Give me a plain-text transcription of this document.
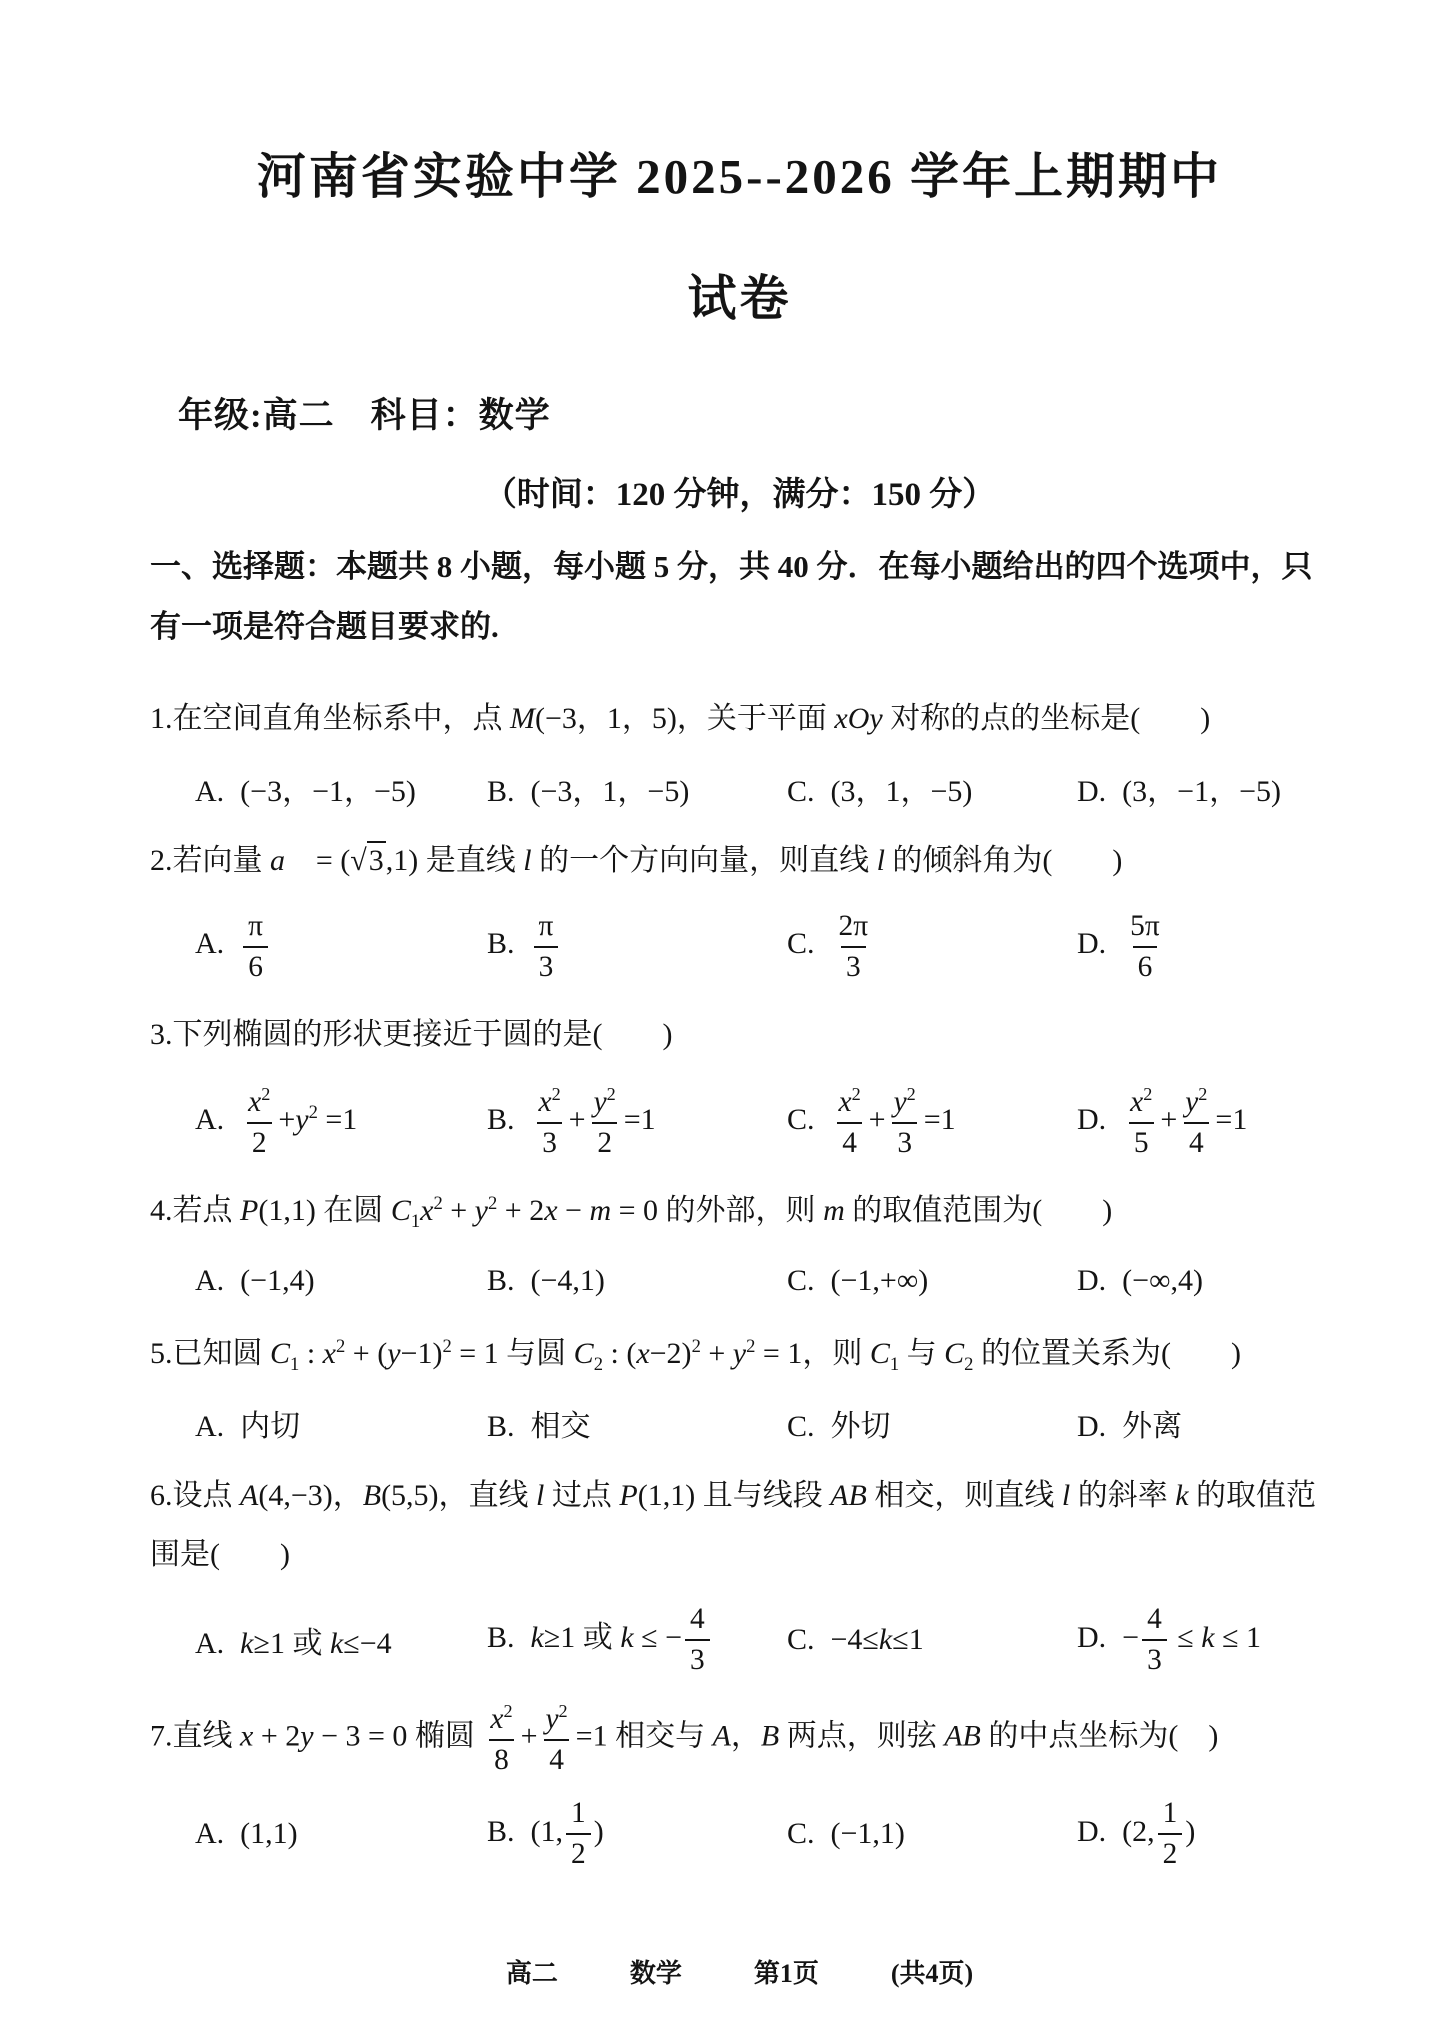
河南省实验中学 2025--2026 学年上期期中
试卷
年级:高二　科目：数学
（时间：120 分钟，满分：150 分）
一、选择题：本题共 8 小题，每小题 5 分，共 40 分．在每小题给出的四个选项中，只有一项是符合题目要求的.
1.在空间直角坐标系中，点 M(−3，1，5)，关于平面 xOy 对称的点的坐标是(　　)
A. (−3，−1，−5)	B. (−3，1，−5)	C. (3，1，−5)	D. (3，−1，−5)
2.若向量 a⃗ = (√3,1) 是直线 l 的一个方向向量，则直线 l 的倾斜角为(　　)
A. $\frac{\pi}{6}$	B. $\frac{\pi}{3}$	C. $\frac{2\pi}{3}$	D. $\frac{5\pi}{6}$
3.下列椭圆的形状更接近于圆的是(　　)
A. $\frac{x^2}{2} +y^2 =1$	B. $\frac{x^2}{3} + \frac{y^2}{2} =1$	C. $\frac{x^2}{4} + \frac{y^2}{3} =1$	D. $\frac{x^2}{5} + \frac{y^2}{4} =1$
4.若点 P(1,1) 在圆 $C_1x^2 + y^2 + 2x - m = 0$ 的外部，则 m 的取值范围为(　　)
A. (−1,4)	B. (−4,1)	C. (−1,+∞)	D. (−∞,4)
5.已知圆 $C_1$ : $x^2 + (y-1)^2 = 1$ 与圆 $C_2$ : $(x-2)^2 + y^2 = 1$，则 $C_1$ 与 $C_2$ 的位置关系为(　　)
A. 内切	B. 相交	C. 外切	D. 外离
6.设点 A(4,−3)，B(5,5)，直线 l 过点 P(1,1) 且与线段 AB 相交，则直线 l 的斜率 k 的取值范围是(　　)
A. k≥1 或 k≤−4	B. k≥1 或 k ≤ − $\frac{4}{3}$	C. −4≤k≤1	D. − $\frac{4}{3} \le k \le 1$
7.直线 x + 2y − 3 = 0 椭圆 $\frac{x^2}{8} + \frac{y^2}{4} =1$ 相交与 A，B 两点，则弦 AB 的中点坐标为(　)
A. (1,1)	B. (1, $\frac{1}{2}$ )	C. (−1,1)	D. (2, $\frac{1}{2}$ )
高二	数学	第1页	(共4页)
